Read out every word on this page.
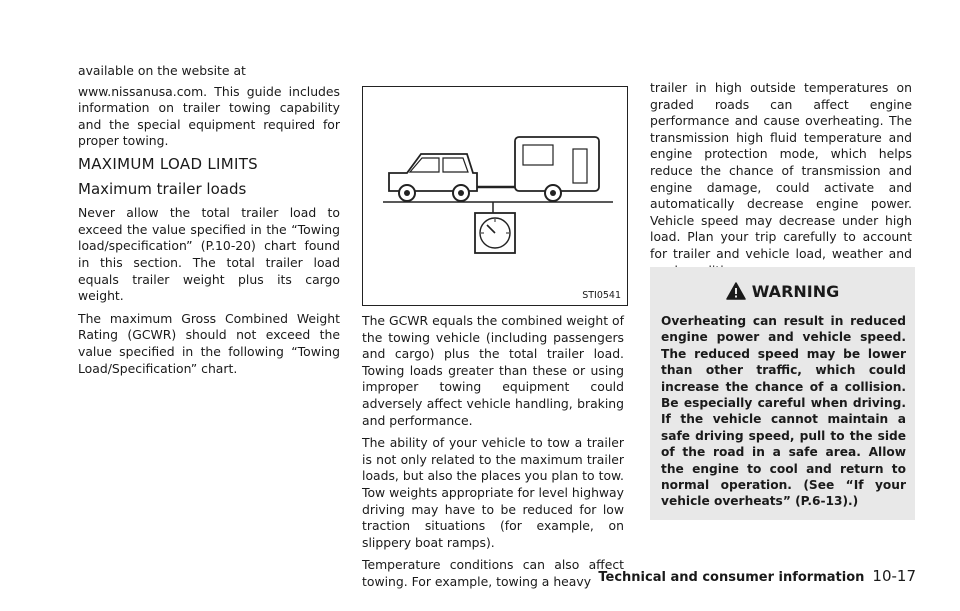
available on the website at

www.nissanusa.com. This guide includes information on trailer towing capability and the special equipment required for proper towing.

MAXIMUM LOAD LIMITS
Maximum trailer loads

Never allow the total trailer load to exceed the value specified in the “Towing load/specification” (P.10-20) chart found in this section. The total trailer load equals trailer weight plus its cargo weight.

The maximum Gross Combined Weight Rating (GCWR) should not exceed the value specified in the following “Towing Load/Specification” chart.

STI0541

The GCWR equals the combined weight of the towing vehicle (including passengers and cargo) plus the total trailer load. Towing loads greater than these or using improper towing equipment could adversely affect vehicle handling, braking and performance.

The ability of your vehicle to tow a trailer is not only related to the maximum trailer loads, but also the places you plan to tow. Tow weights appropriate for level highway driving may have to be reduced for low traction situations (for example, on slippery boat ramps).

Temperature conditions can also affect towing. For example, towing a heavy

trailer in high outside temperatures on graded roads can affect engine performance and cause overheating. The transmission high fluid temperature and engine protection mode, which helps reduce the chance of transmission and engine damage, could activate and automatically decrease engine power. Vehicle speed may decrease under high load. Plan your trip carefully to account for trailer and vehicle load, weather and

WARNING

Overheating can result in reduced engine power and vehicle speed. The reduced speed may be lower than other traffic, which could increase the chance of a collision. Be especially careful when driving. If the vehicle cannot maintain a safe driving speed, pull to the side of the road in a safe area. Allow the engine to cool and return to normal operation. (See “If your vehicle overheats” (P.6-13).)

Technical and consumer information 10-17
